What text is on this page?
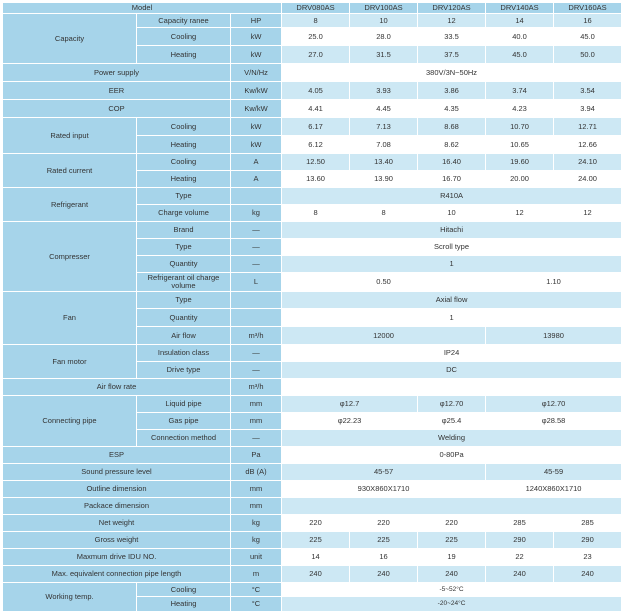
Model			DRV080AS	DRV100AS	DRV120AS	DRV140AS	DRV160AS
Capacity	Capacity ranee	HP	8	10	12	14	16
	Cooling	kW	25.0	28.0	33.5	40.0	45.0
	Heating	kW	27.0	31.5	37.5	45.0	50.0
Power supply		V/N/Hz	380V/3N~50Hz				
EER		Kw/kW	4.05	3.93	3.86	3.74	3.54
COP		Kw/kW	4.41	4.45	4.35	4.23	3.94
Rated input	Cooling	kW	6.17	7.13	8.68	10.70	12.71
	Heating	kW	6.12	7.08	8.62	10.65	12.66
Rated current	Cooling	A	12.50	13.40	16.40	19.60	24.10
	Heating	A	13.60	13.90	16.70	20.00	24.00
Refrigerant	Type		R410A				
	Charge volume	kg	8	8	10	12	12
Compresser	Brand	—	Hitachi				
	Type	—	Scroll type				
	Quantity	—	1				
	Refrigerant oil charge volume	L	0.50			1.10	
Fan	Type		Axial flow				
	Quantity		1				
	Air flow	m³/h	12000			13980	
Fan motor	Insulation class	—	IP24				
	Drive type	—	DC				
Air flow rate		m³/h					
Connecting pipe	Liquid pipe	mm	φ12.7		φ12.70	φ12.70	
	Gas pipe	mm	φ22.23		φ25.4	φ28.58	
	Connection method	—	Welding				
ESP		Pa	0-80Pa				
Sound pressure level		dB (A)	45-57			45-59	
Outline dimension		mm	930X860X1710			1240X860X1710	
Packace dimension		mm					
Net weight		kg	220	220	220	285	285
Gross weight		kg	225	225	225	290	290
Maxmum drive IDU NO.		unit	14	16	19	22	23
Max. equivalent connection pipe length		m	240	240	240	240	240
Working temp.	Cooling	°C	-5~52°C				
	Heating	°C	-20~24°C				
